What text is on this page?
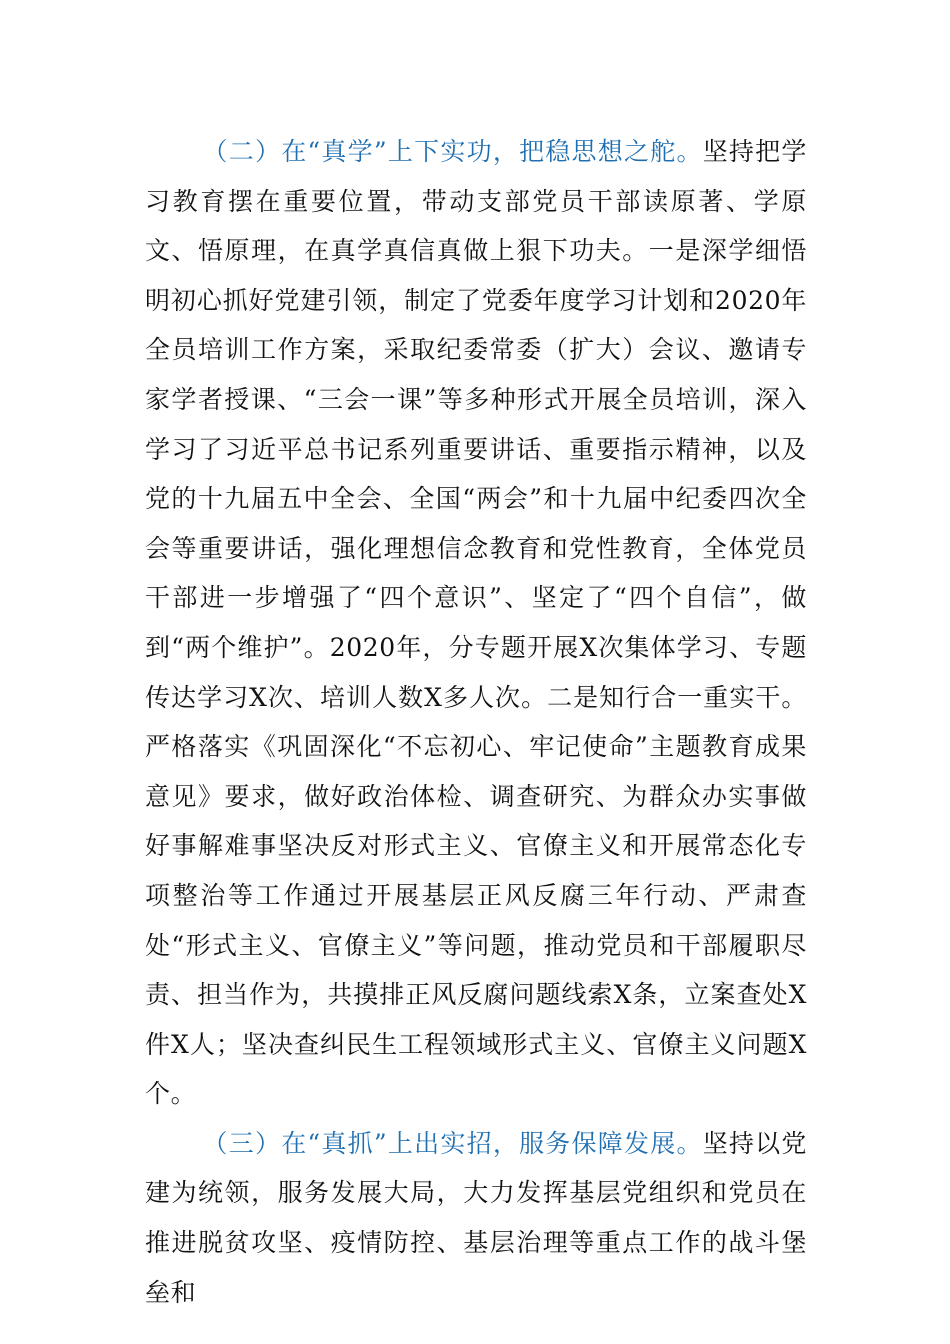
（二）在“真学”上下实功，把稳思想之舵。坚持把学习教育摆在重要位置，带动支部党员干部读原著、学原文、悟原理，在真学真信真做上狠下功夫。一是深学细悟明初心抓好党建引领，制定了党委年度学习计划和2020年全员培训工作方案，采取纪委常委（扩大）会议、邀请专家学者授课、“三会一课”等多种形式开展全员培训，深入学习了习近平总书记系列重要讲话、重要指示精神，以及党的十九届五中全会、全国“两会”和十九届中纪委四次全会等重要讲话，强化理想信念教育和党性教育，全体党员干部进一步增强了“四个意识”、坚定了“四个自信”，做到“两个维护”。2020年，分专题开展X次集体学习、专题传达学习X次、培训人数X多人次。二是知行合一重实干。严格落实《巩固深化“不忘初心、牢记使命”主题教育成果意见》要求，做好政治体检、调查研究、为群众办实事做好事解难事坚决反对形式主义、官僚主义和开展常态化专项整治等工作通过开展基层正风反腐三年行动、严肃查处“形式主义、官僚主义”等问题，推动党员和干部履职尽责、担当作为，共摸排正风反腐问题线索X条，立案查处X件X人；坚决查纠民生工程领域形式主义、官僚主义问题X个。

（三）在“真抓”上出实招，服务保障发展。坚持以党建为统领，服务发展大局，大力发挥基层党组织和党员在推进脱贫攻坚、疫情防控、基层治理等重点工作的战斗堡垒和
